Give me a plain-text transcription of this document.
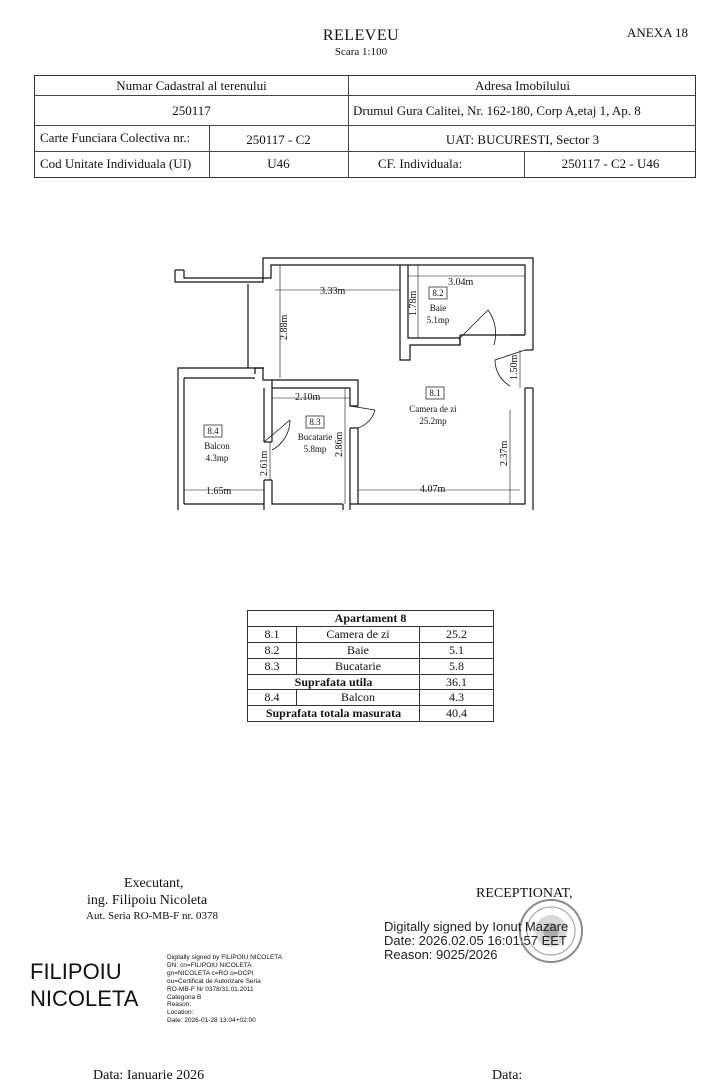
ANEXA 18
RELEVEU
Scara 1:100
Numar Cadastral al terenului	Adresa Imobilului
250117	Drumul Gura Calitei, Nr. 162-180, Corp A,etaj 1, Ap. 8
Carte Funciara Colectiva nr.:	250117 - C2	UAT: BUCURESTI, Sector 3
Cod Unitate Individuala (UI)	U46	CF. Individuala:	250117 - C2 - U46
3.33m
2.88m
3.04m
1.78m
1.50m
2.10m
2.86m
2.61m	2.37m
1.65m	4.07m
8.1
Camera de zi
25.2mp
8.2
Baie
5.1mp
8.3
Bucatarie
5.8mp
8.4
Balcon
4.3mp
Apartament 8		
8.1	Camera de zi	25.2
8.2	Baie	5.1
8.3	Bucatarie	5.8
Suprafata utila		36.1
8.4	Balcon	4.3
Suprafata totala masurata		40.4
Executant,
ing. Filipoiu Nicoleta
Aut. Seria RO-MB-F nr. 0378
FILIPOIU
NICOLETA
Digitally signed by FILIPOIU NICOLETA
DN: cn=FILIPOIU NICOLETA
gn=NICOLETA c=RO o=OCPI
ou=Certificat de Autorizare Seria
RO-MB-F Nr 0378/31.01.2011
Categoria B
Reason:
Location:
Date: 2026-01-28 13:04+02:00
Data: Ianuarie 2026
RECEPTIONAT,
Digitally signed by Ionut Mazare
Date: 2026.02.05 16:01:57 EET
Reason: 9025/2026
Data:
